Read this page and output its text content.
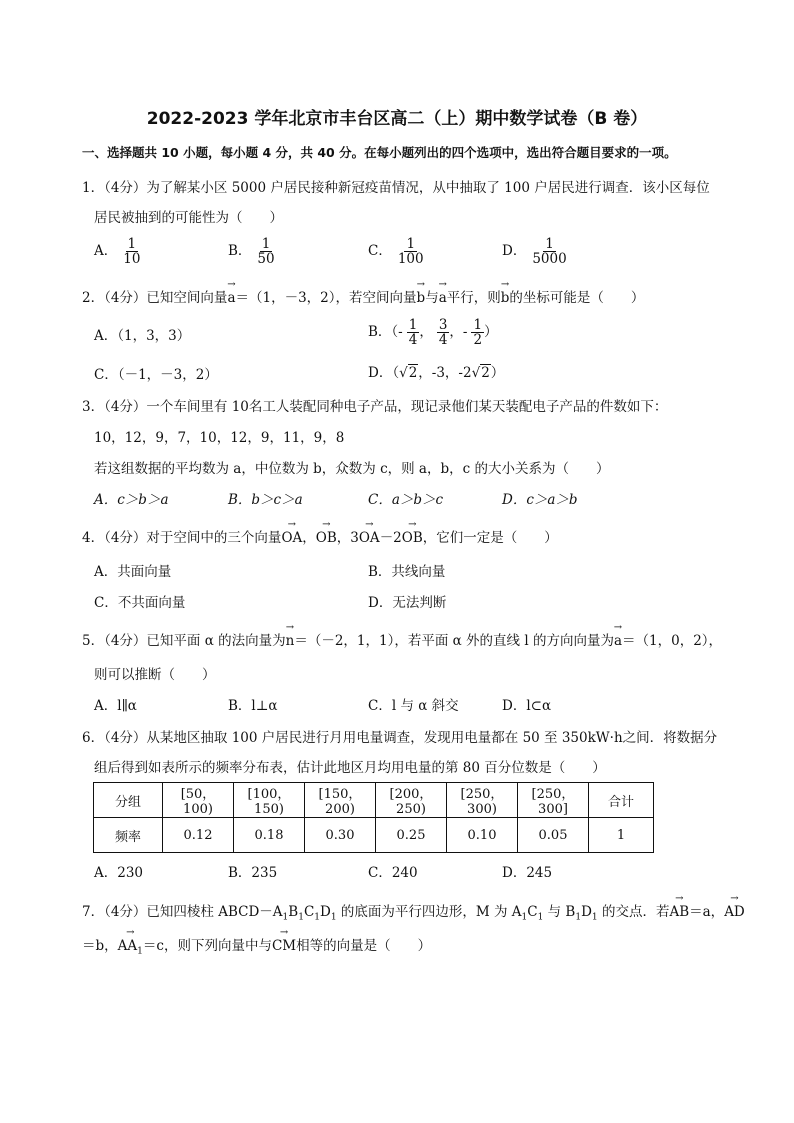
2022-2023 学年北京市丰台区高二（上）期中数学试卷（B 卷）
一、选择题共 10 小题，每小题 4 分，共 40 分。在每小题列出的四个选项中，选出符合题目要求的一项。
1．（4分）为了解某小区 5000 户居民接种新冠疫苗情况，从中抽取了 100 户居民进行调查．该小区每位
居民被抽到的可能性为（　　）
A． $\frac{1}{10}$	B． $\frac{1}{50}$	C． $\frac{1}{100}$	D． $\frac{1}{5000}$
2．（4分）已知空间向量→ a＝（1，－3，2），若空间向量→ b与→ a平行，则→ b的坐标可能是（　　）
A．（1，3，3）	B．（- $\frac{1}{4}$ ， $\frac{3}{4}$ ，- $\frac{1}{2}$ ）
C．（－1，－3，2）	D．（√2，-3，-2√2）
3．（4分）一个车间里有 10名工人装配同种电子产品，现记录他们某天装配电子产品的件数如下：
10，12，9，7，10，12，9，11，9，8
若这组数据的平均数为 a，中位数为 b，众数为 c，则 a，b，c 的大小关系为（　　）
A．c＞b＞a	B．b＞c＞a	C．a＞b＞c	D．c＞a＞b
4．（4分）对于空间中的三个向量→ OA，→ OB，3→ OA－2→ OB，它们一定是（　　）
A．共面向量	B．共线向量
C．不共面向量	D．无法判断
5．（4分）已知平面 α 的法向量为→ n＝（－2，1，1），若平面 α 外的直线 l 的方向向量为→ a＝（1，0，2），
则可以推断（　　）
A．l∥α	B．l⊥α	C．l 与 α 斜交	D．l⊂α
6．（4分）从某地区抽取 100 户居民进行月用电量调查，发现用电量都在 50 至 350kW·h之间．将数据分
组后得到如表所示的频率分布表，估计此地区月均用电量的第 80 百分位数是（　　）
分组	[50，100)	[100，150)	[150，200)	[200，250)	[250，300)	[250，300]	合计
频率	0.12	0.18	0.30	0.25	0.10	0.05	1
A．230	B．235	C．240	D．245
7．（4分）已知四棱柱 $ABCD-A_1B_1C_1D_1$ 的底面为平行四边形，M 为 $A_1C_1$ 与 $B_1D_1$ 的交点．若→ AB＝a，→ AD
＝b，→ $AA_1=c$，则下列向量中与→ CM相等的向量是（　　）
